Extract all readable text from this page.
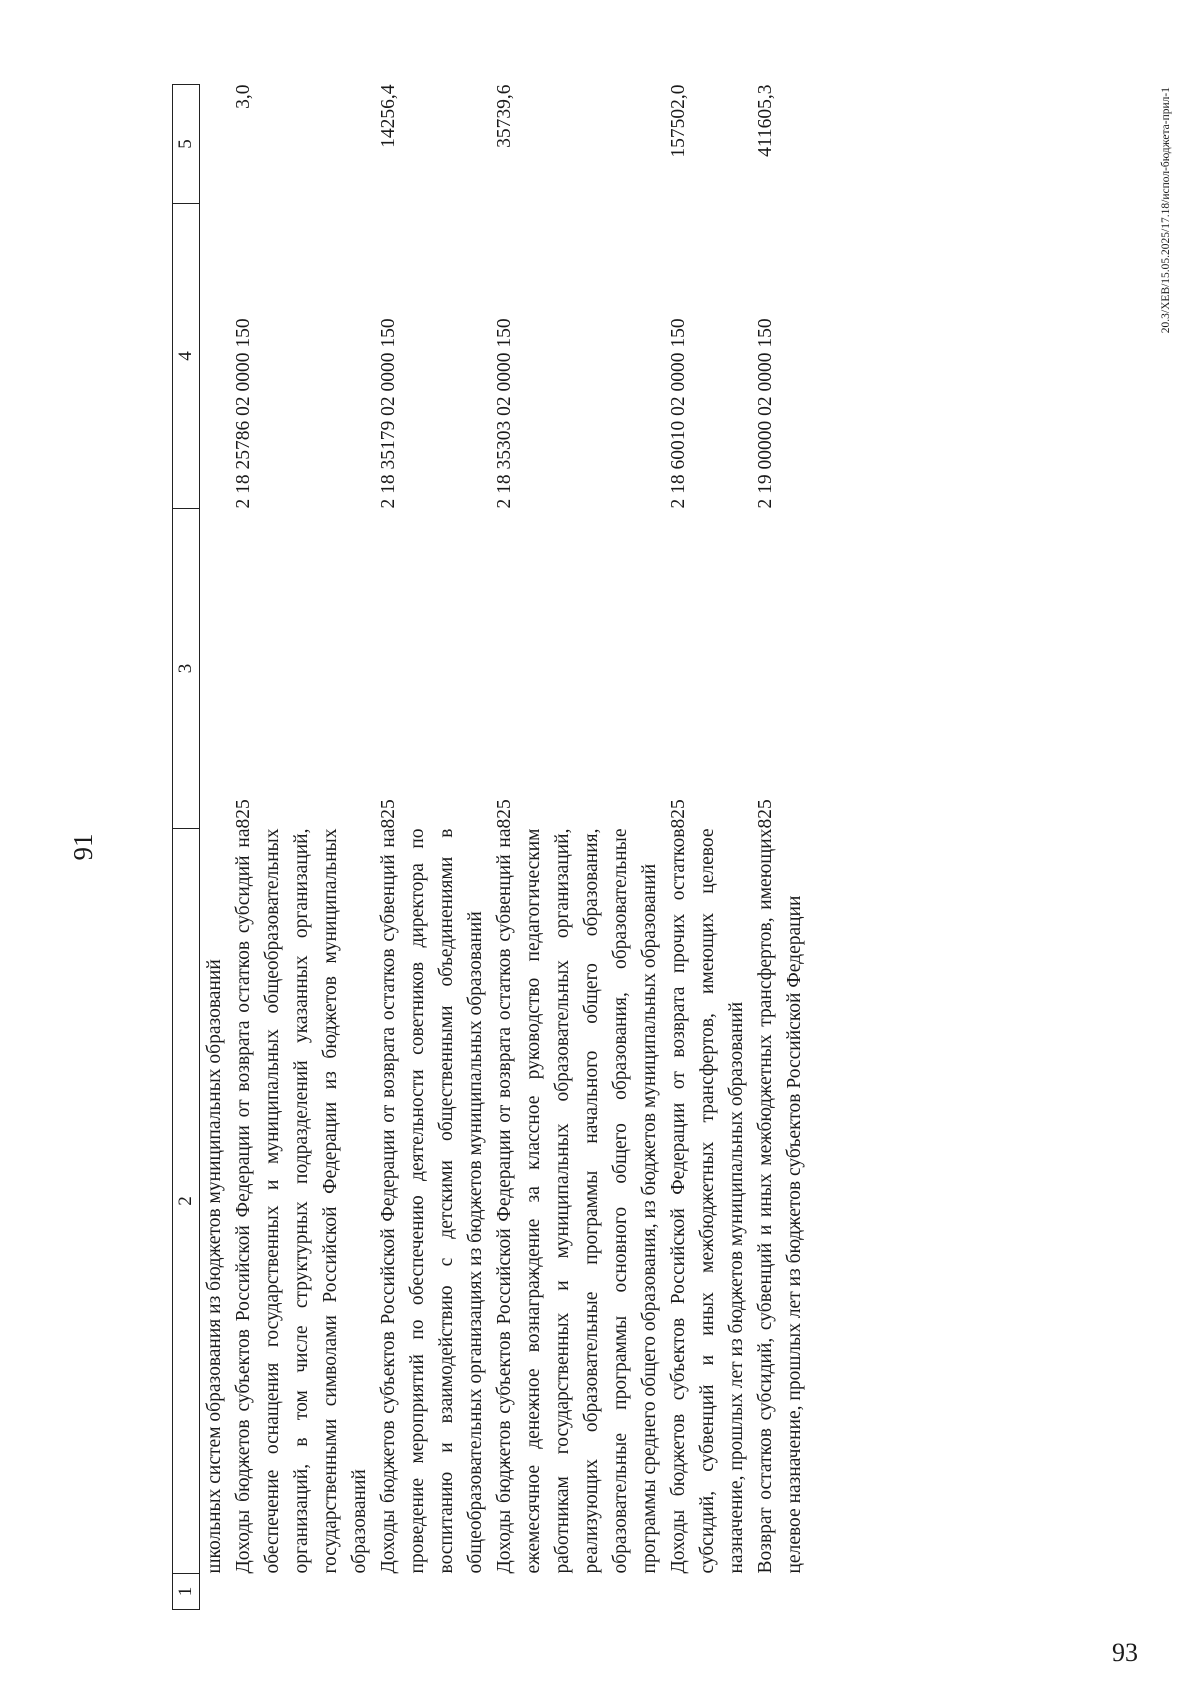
91
1	2	3	4	5
	школьных систем образования из бюджетов муниципальных образований			
	Доходы бюджетов субъектов Российской Федерации от возврата остатков субсидий на обеспечение оснащения государственных и муниципальных общеобразовательных организаций, в том числе структурных подразделений указанных организаций, государственными символами Российской Федерации из бюджетов муниципальных образований	825	2 18 25786 02 0000 150	3,0
	Доходы бюджетов субъектов Российской Федерации от возврата остатков субвенций на проведение мероприятий по обеспечению деятельности советников директора по воспитанию и взаимодействию с детскими общественными объединениями в общеобразовательных организациях из бюджетов муниципальных образований	825	2 18 35179 02 0000 150	14256,4
	Доходы бюджетов субъектов Российской Федерации от возврата остатков субвенций на ежемесячное денежное вознаграждение за классное руководство педагогическим работникам государственных и муниципальных образовательных организаций, реализующих образовательные программы начального общего образования, образовательные программы основного общего образования, образовательные программы среднего общего образования, из бюджетов муниципальных образований	825	2 18 35303 02 0000 150	35739,6
	Доходы бюджетов субъектов Российской Федерации от возврата прочих остатков субсидий, субвенций и иных межбюджетных трансфертов, имеющих целевое назначение, прошлых лет из бюджетов муниципальных образований	825	2 18 60010 02 0000 150	157502,0
	Возврат остатков субсидий, субвенций и иных межбюджетных трансфертов, имеющих целевое назначение, прошлых лет из бюджетов субъектов Российской Федерации	825	2 19 00000 02 0000 150	411605,3	20.3/XEB/15.05.2025/17.18/испол-бюджета-прил-1
93
